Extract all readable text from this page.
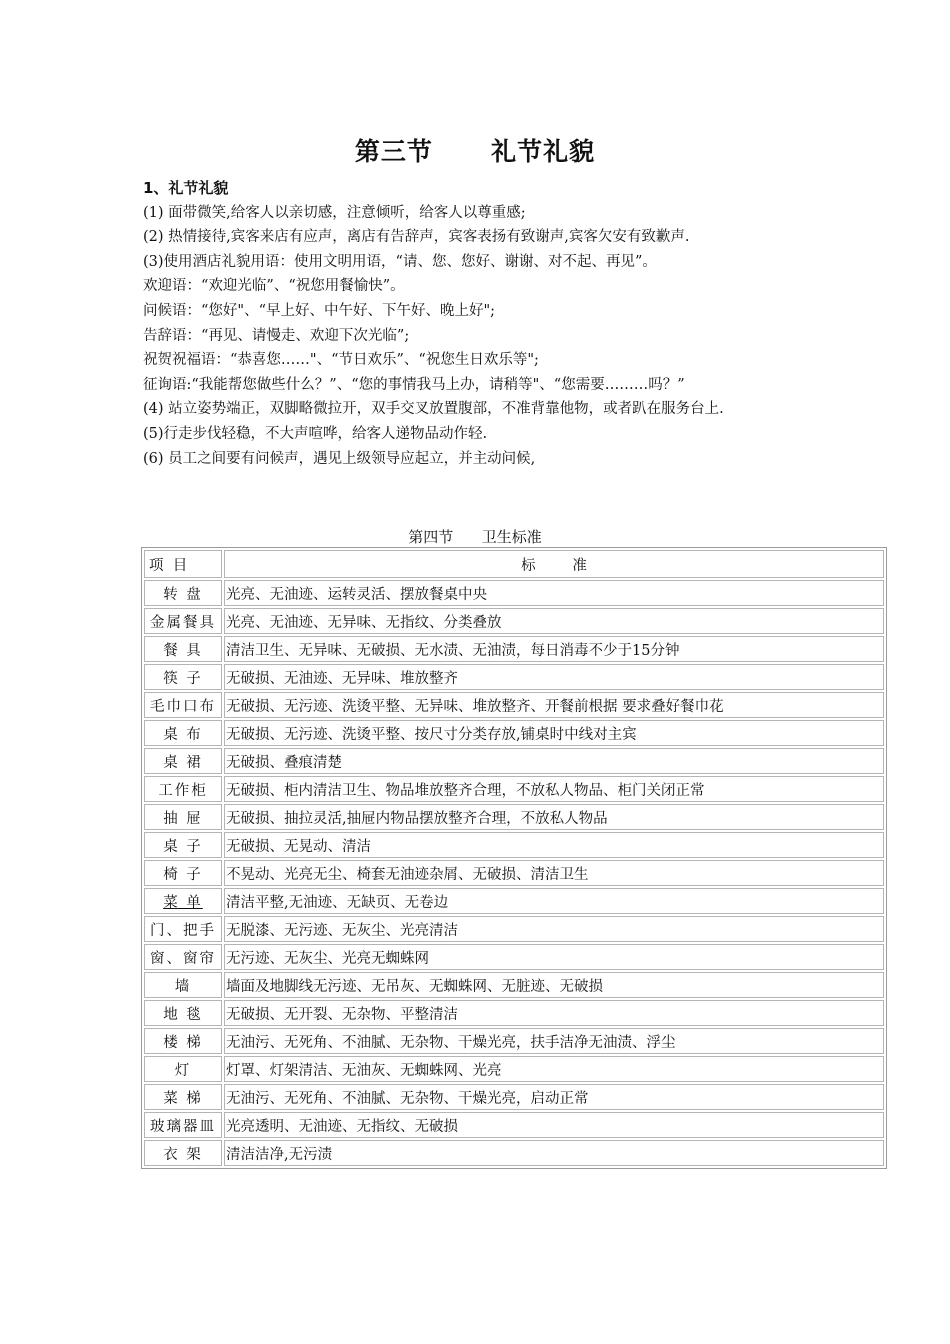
第三节      礼节礼貌

1、礼节礼貌

(1) 面带微笑,给客人以亲切感，注意倾听，给客人以尊重感;

(2) 热情接待,宾客来店有应声，离店有告辞声，宾客表扬有致谢声,宾客欠安有致歉声.

(3)使用酒店礼貌用语：使用文明用语，“请、您、您好、谢谢、对不起、再见”。

欢迎语：“欢迎光临”、“祝您用餐愉快”。

问候语：“您好"、“早上好、中午好、下午好、晚上好";

告辞语：“再见、请慢走、欢迎下次光临”;

祝贺祝福语：“恭喜您……"、“节日欢乐”、“祝您生日欢乐等";

征询语:“我能帮您做些什么？”、“您的事情我马上办，请稍等"、“您需要………吗？”

(4) 站立姿势端正，双脚略微拉开，双手交叉放置腹部，不准背靠他物，或者趴在服务台上.

(5)行走步伐轻稳，不大声喧哗，给客人递物品动作轻.

(6) 员工之间要有问候声，遇见上级领导应起立，并主动问候,

第四节      卫生标准
项  目	标        准
转 盘	光亮、无油迹、运转灵活、摆放餐桌中央
金属餐具	光亮、无油迹、无异味、无指纹、分类叠放
餐 具	清洁卫生、无异味、无破损、无水渍、无油渍，每日消毒不少于15分钟
筷 子	无破损、无油迹、无异味、堆放整齐
毛巾口布	无破损、无污迹、洗烫平整、无异味、堆放整齐、开餐前根据 要求叠好餐巾花
桌 布	无破损、无污迹、洗烫平整、按尺寸分类存放,铺桌时中线对主宾
桌 裙	无破损、叠痕清楚
工作柜	无破损、柜内清洁卫生、物品堆放整齐合理，不放私人物品、柜门关闭正常
抽 屉	无破损、抽拉灵活,抽屉内物品摆放整齐合理，不放私人物品
桌 子	无破损、无晃动、清洁
椅 子	不晃动、光亮无尘、椅套无油迹杂屑、无破损、清洁卫生
菜 单	清洁平整,无油迹、无缺页、无卷边
门、把手	无脱漆、无污迹、无灰尘、光亮清洁
窗、窗帘	无污迹、无灰尘、光亮无蜘蛛网
墙	墙面及地脚线无污迹、无吊灰、无蜘蛛网、无脏迹、无破损
地 毯	无破损、无开裂、无杂物、平整清洁
楼 梯	无油污、无死角、不油腻、无杂物、干燥光亮，扶手洁净无油渍、浮尘
灯	灯罩、灯架清洁、无油灰、无蜘蛛网、光亮
菜 梯	无油污、无死角、不油腻、无杂物、干燥光亮，启动正常
玻璃器皿	光亮透明、无油迹、无指纹、无破损
衣 架	清洁洁净,无污渍
